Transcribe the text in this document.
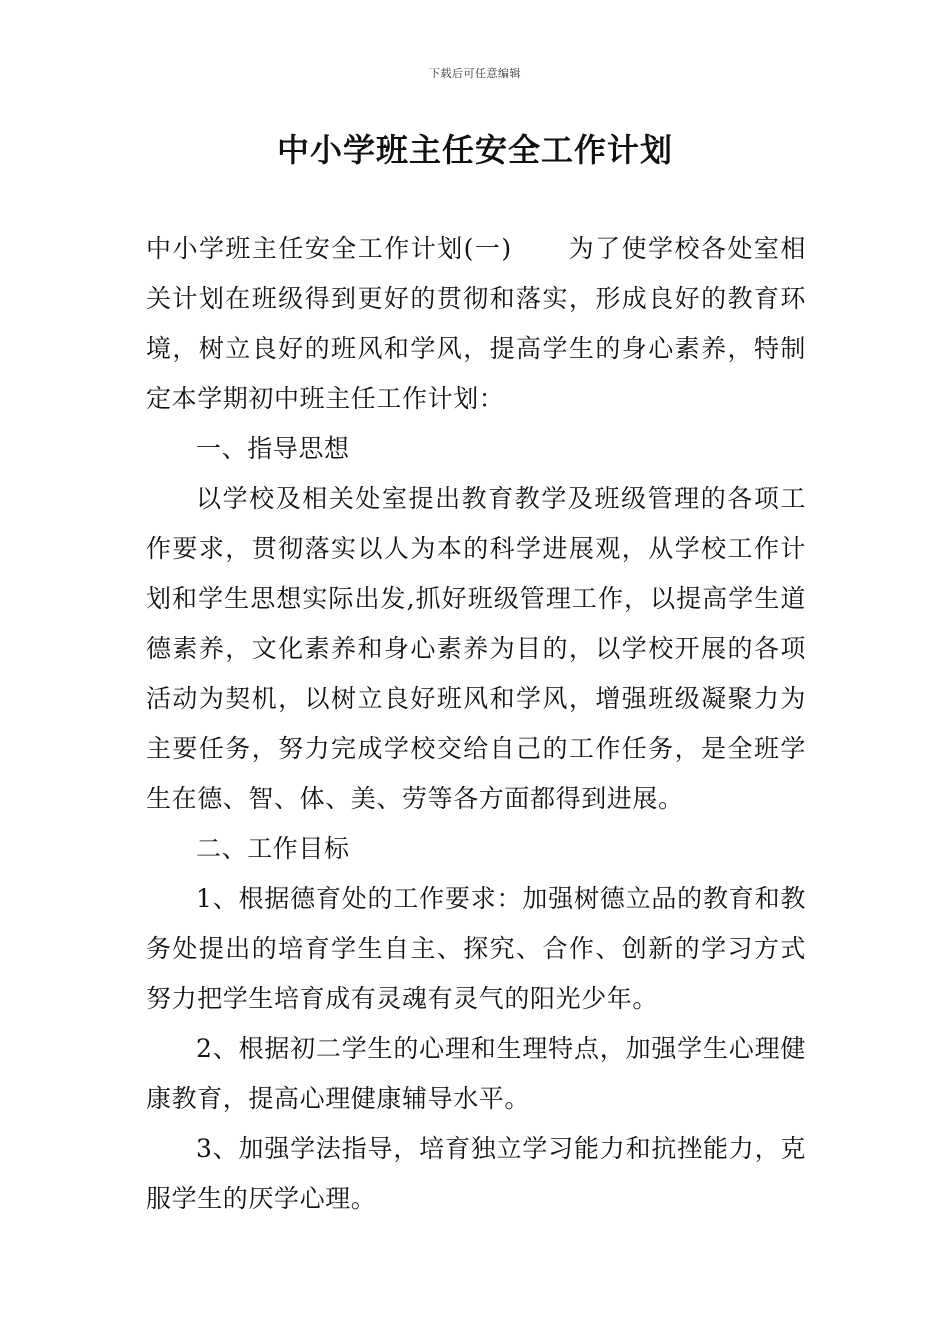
下载后可任意编辑
中小学班主任安全工作计划

中小学班主任安全工作计划(一) 为了使学校各处室相关计划在班级得到更好的贯彻和落实，形成良好的教育环境，树立良好的班风和学风，提高学生的身心素养，特制定本学期初中班主任工作计划：

一、指导思想

以学校及相关处室提出教育教学及班级管理的各项工作要求，贯彻落实以人为本的科学进展观，从学校工作计划和学生思想实际出发,抓好班级管理工作，以提高学生道德素养，文化素养和身心素养为目的，以学校开展的各项活动为契机，以树立良好班风和学风，增强班级凝聚力为主要任务，努力完成学校交给自己的工作任务，是全班学生在德、智、体、美、劳等各方面都得到进展。

二、工作目标

1、根据德育处的工作要求：加强树德立品的教育和教务处提出的培育学生自主、探究、合作、创新的学习方式努力把学生培育成有灵魂有灵气的阳光少年。

2、根据初二学生的心理和生理特点，加强学生心理健康教育，提高心理健康辅导水平。

3、加强学法指导，培育独立学习能力和抗挫能力，克服学生的厌学心理。
